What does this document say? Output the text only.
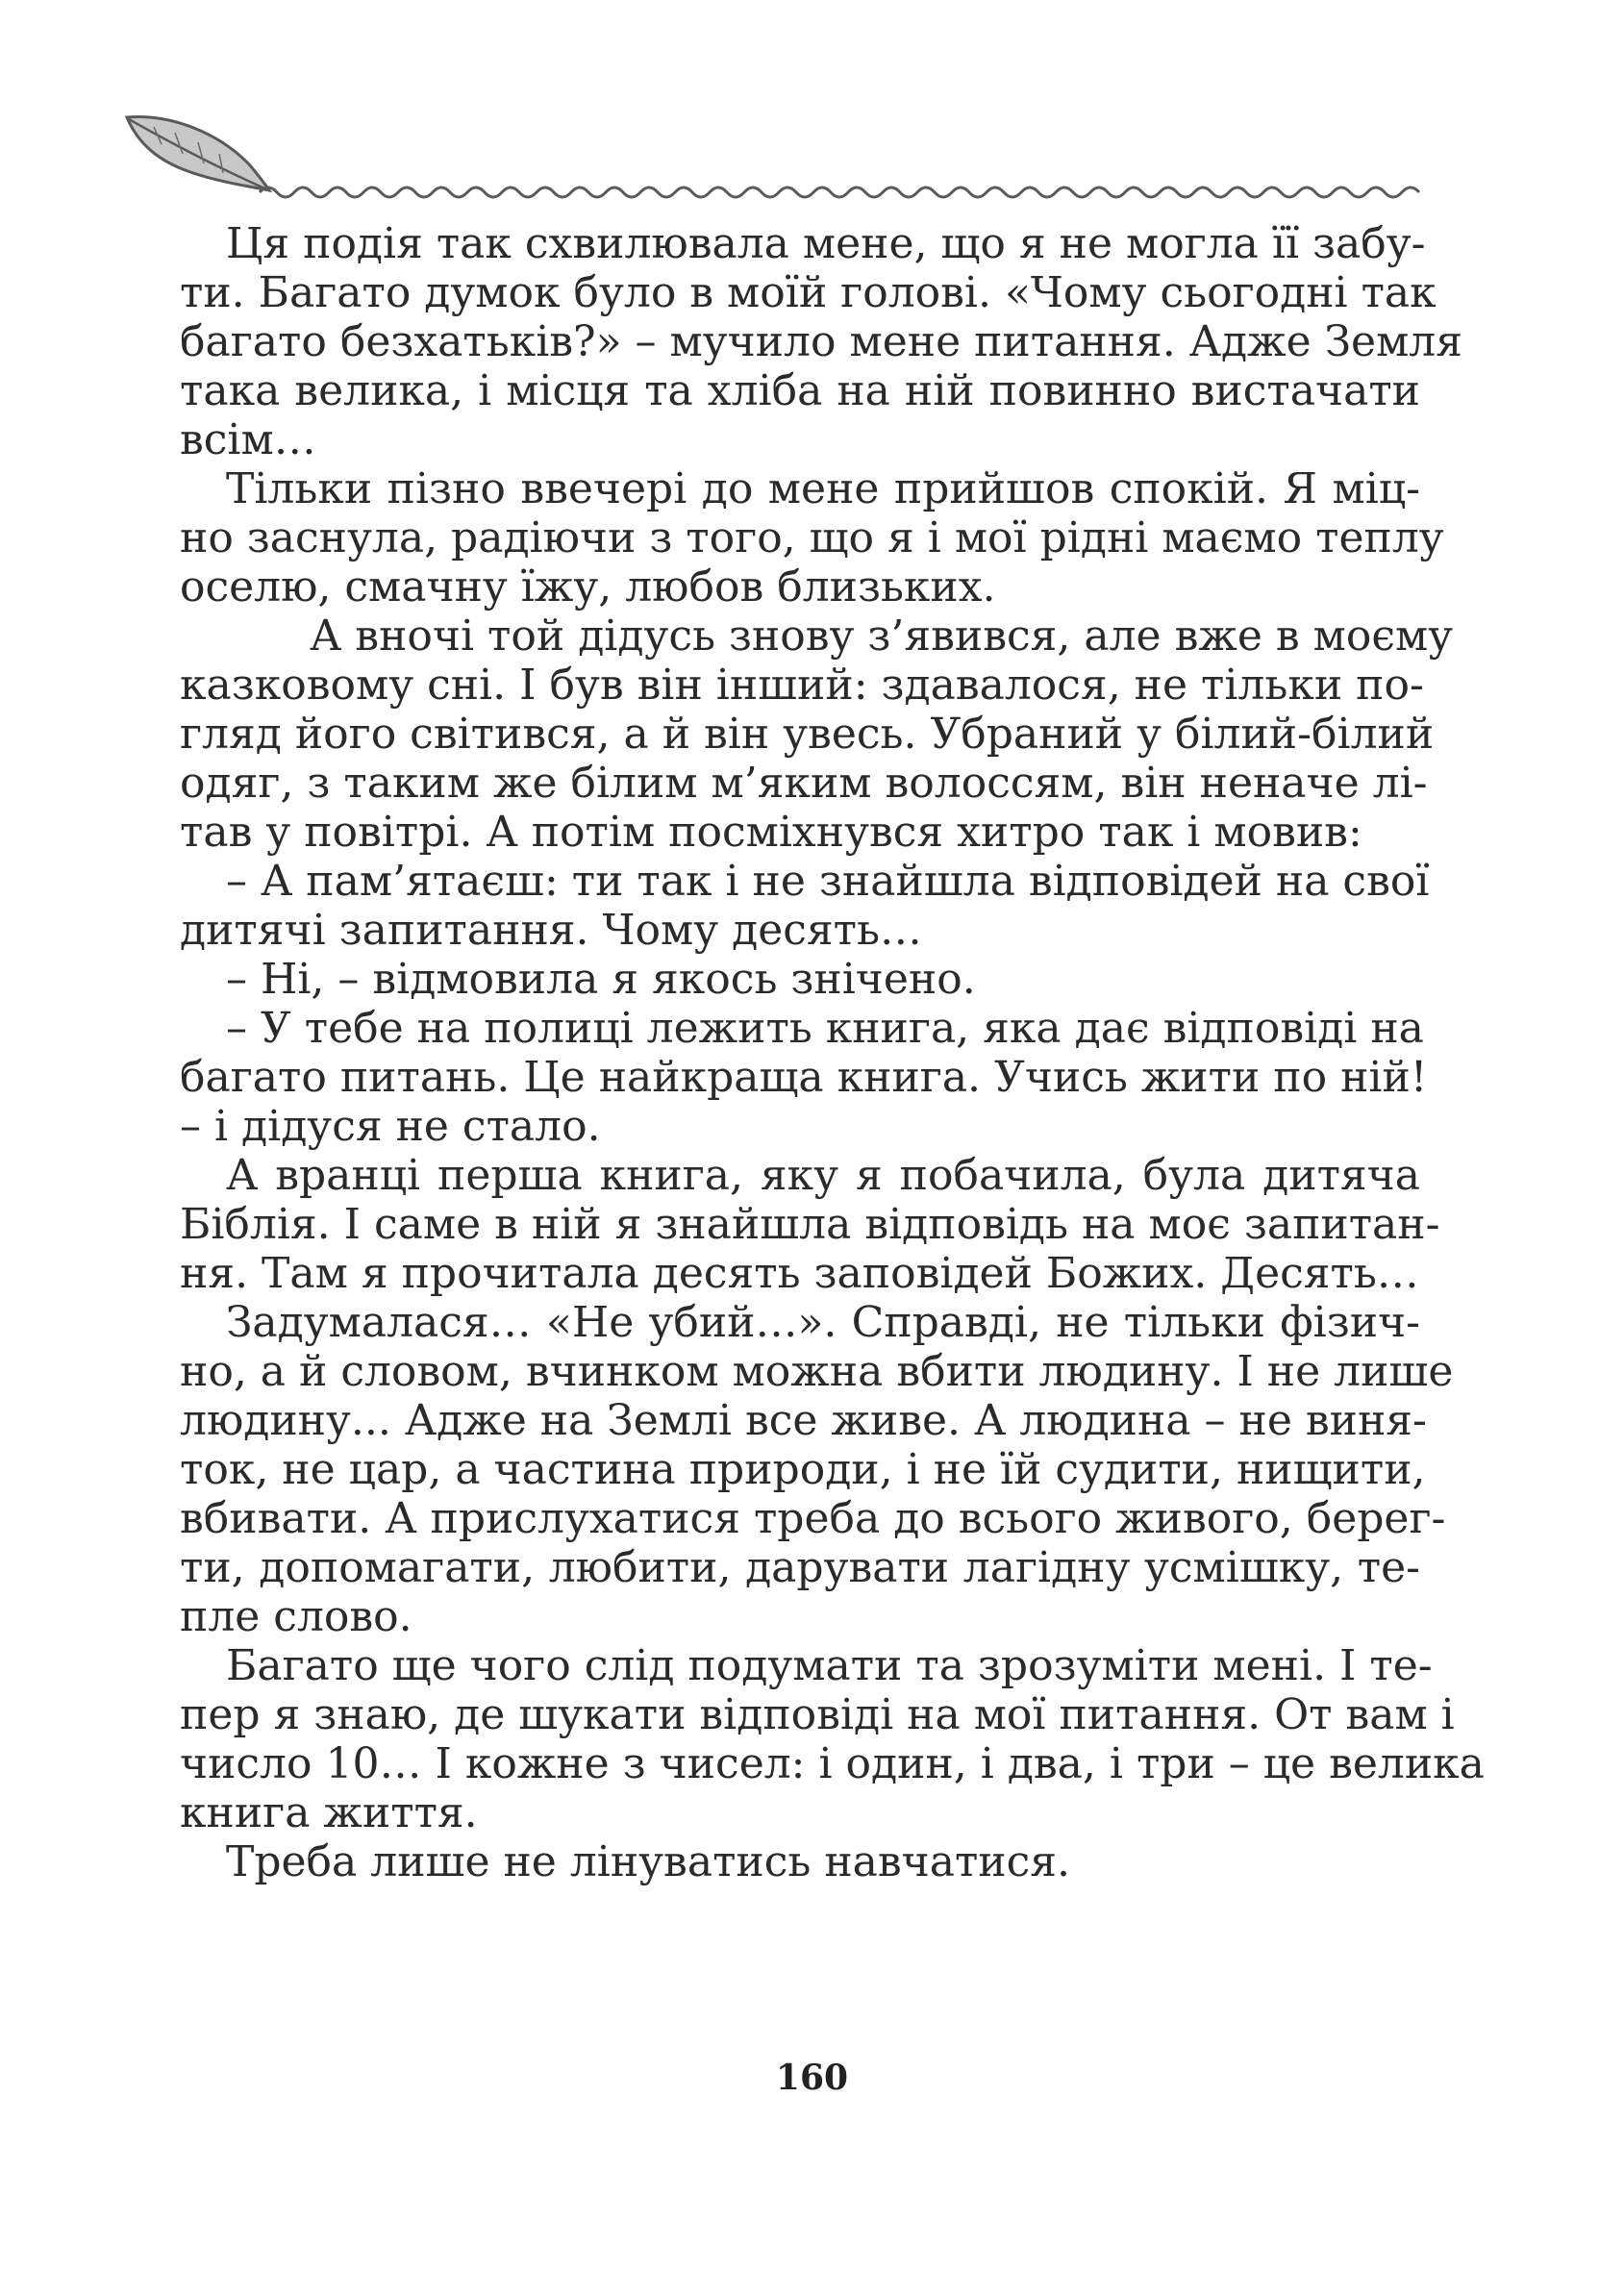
Ця подія так схвилювала мене, що я не могла її забу-
ти. Багато думок було в моїй голові. «Чому сьогодні так
багато безхатьків?» – мучило мене питання. Адже Земля
така велика, і місця та хліба на ній повинно вистачати
всім…
Тільки пізно ввечері до мене прийшов спокій. Я міц-
но заснула, радіючи з того, що я і мої рідні маємо теплу
оселю, смачну їжу, любов близьких.
А вночі той дідусь знову з’явився, але вже в моєму
казковому сні. І був він інший: здавалося, не тільки по-
гляд його світився, а й він увесь. Убраний у білий-білий
одяг, з таким же білим м’яким волоссям, він неначе лі-
тав у повітрі. А потім посміхнувся хитро так і мовив:
– А пам’ятаєш: ти так і не знайшла відповідей на свої
дитячі запитання. Чому десять…
– Ні, – відмовила я якось знічено.
– У тебе на полиці лежить книга, яка дає відповіді на
багато питань. Це найкраща книга. Учись жити по ній!
– і дідуся не стало.
А вранці перша книга, яку я побачила, була дитяча
Біблія. І саме в ній я знайшла відповідь на моє запитан-
ня. Там я прочитала десять заповідей Божих. Десять…
Задумалася… «Не убий…». Справді, не тільки фізич-
но, а й словом, вчинком можна вбити людину. І не лише
людину... Адже на Землі все живе. А людина – не виня-
ток, не цар, а частина природи, і не їй судити, нищити,
вбивати. А прислухатися треба до всього живого, берег-
ти, допомагати, любити, дарувати лагідну усмішку, те-
пле слово.
Багато ще чого слід подумати та зрозуміти мені. І те-
пер я знаю, де шукати відповіді на мої питання. От вам і
число 10… І кожне з чисел: і один, і два, і три – це велика
книга життя.
Треба лише не лінуватись навчатися.
160
